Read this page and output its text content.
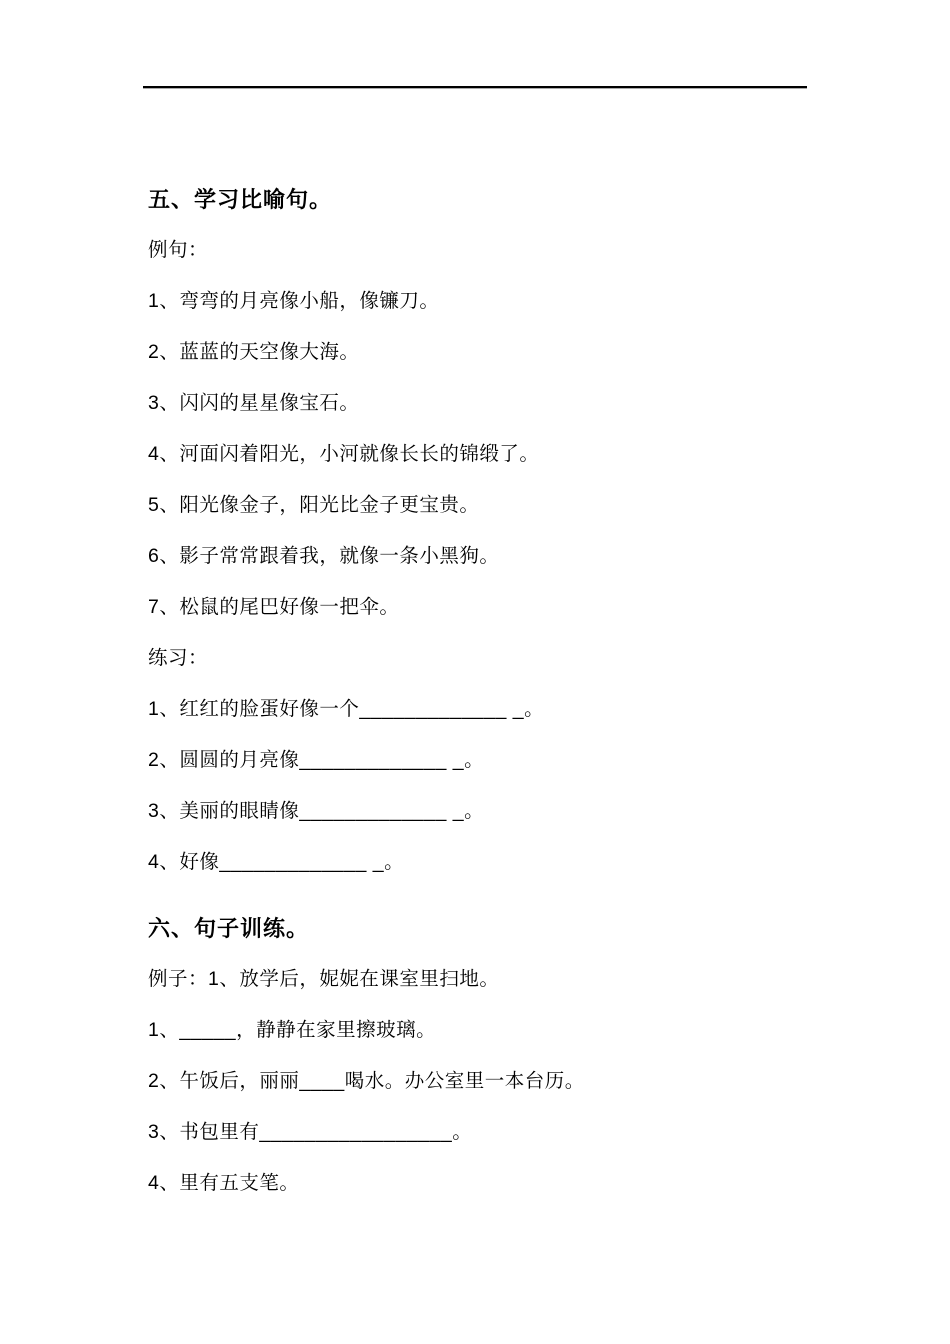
五、学习比喻句。

例句：

1、弯弯的月亮像小船，像镰刀。

2、蓝蓝的天空像大海。

3、闪闪的星星像宝石。

4、河面闪着阳光，小河就像长长的锦缎了。

5、阳光像金子，阳光比金子更宝贵。

6、影子常常跟着我，就像一条小黑狗。

7、松鼠的尾巴好像一把伞。

练习：

1、红红的脸蛋好像一个_____________ _。

2、圆圆的月亮像_____________ _。

3、美丽的眼睛像_____________ _。

4、好像_____________ _。

六、句子训练。

例子：1、放学后，妮妮在课室里扫地。

1、_____，静静在家里擦玻璃。

2、午饭后，丽丽____喝水。办公室里一本台历。

3、书包里有_________________。

4、里有五支笔。
